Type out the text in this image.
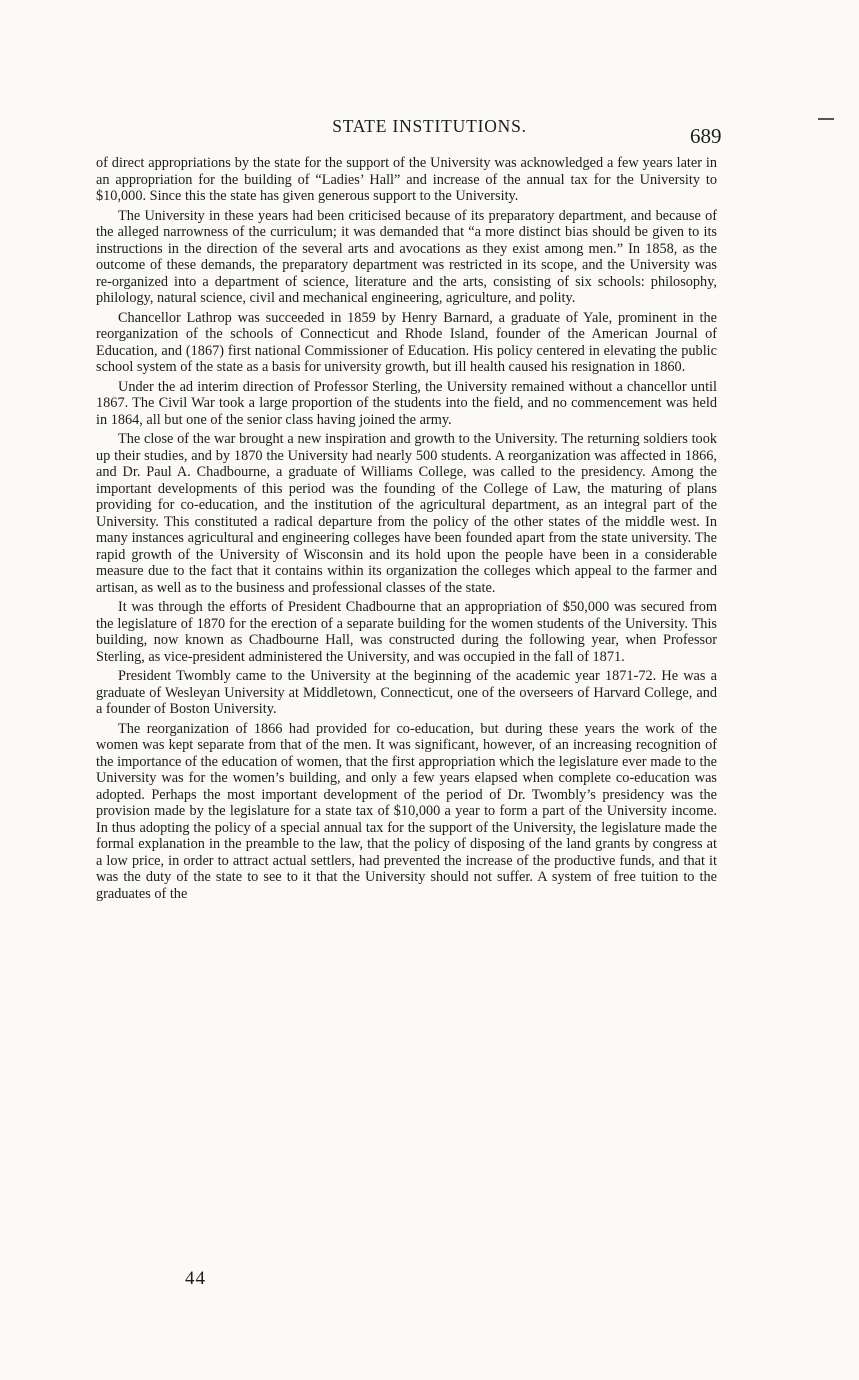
STATE INSTITUTIONS.	689

of direct appropriations by the state for the support of the University was acknowledged a few years later in an appropriation for the building of “Ladies’ Hall” and increase of the annual tax for the University to $10,000. Since this the state has given generous support to the University.

The University in these years had been criticised because of its preparatory department, and because of the alleged narrowness of the curriculum; it was demanded that “a more distinct bias should be given to its instructions in the direction of the several arts and avocations as they exist among men.” In 1858, as the outcome of these demands, the preparatory department was restricted in its scope, and the University was re-organized into a department of science, literature and the arts, consisting of six schools: philosophy, philology, natural science, civil and mechanical engineering, agriculture, and polity.

Chancellor Lathrop was succeeded in 1859 by Henry Barnard, a graduate of Yale, prominent in the reorganization of the schools of Connecticut and Rhode Island, founder of the American Journal of Education, and (1867) first national Commissioner of Education. His policy centered in elevating the public school system of the state as a basis for university growth, but ill health caused his resignation in 1860.

Under the ad interim direction of Professor Sterling, the University remained without a chancellor until 1867. The Civil War took a large proportion of the students into the field, and no commencement was held in 1864, all but one of the senior class having joined the army.

The close of the war brought a new inspiration and growth to the University. The returning soldiers took up their studies, and by 1870 the University had nearly 500 students. A reorganization was affected in 1866, and Dr. Paul A. Chadbourne, a graduate of Williams College, was called to the presidency. Among the important developments of this period was the founding of the College of Law, the maturing of plans providing for co-education, and the institution of the agricultural department, as an integral part of the University. This constituted a radical departure from the policy of the other states of the middle west. In many instances agricultural and engineering colleges have been founded apart from the state university. The rapid growth of the University of Wisconsin and its hold upon the people have been in a considerable measure due to the fact that it contains within its organization the colleges which appeal to the farmer and artisan, as well as to the business and professional classes of the state.

It was through the efforts of President Chadbourne that an appropriation of $50,000 was secured from the legislature of 1870 for the erection of a separate building for the women students of the University. This building, now known as Chadbourne Hall, was constructed during the following year, when Professor Sterling, as vice-president administered the University, and was occupied in the fall of 1871.

President Twombly came to the University at the beginning of the academic year 1871-72. He was a graduate of Wesleyan University at Middletown, Connecticut, one of the overseers of Harvard College, and a founder of Boston University.

The reorganization of 1866 had provided for co-education, but during these years the work of the women was kept separate from that of the men. It was significant, however, of an increasing recognition of the importance of the education of women, that the first appropriation which the legislature ever made to the University was for the women’s building, and only a few years elapsed when complete co-education was adopted. Perhaps the most important development of the period of Dr. Twombly’s presidency was the provision made by the legislature for a state tax of $10,000 a year to form a part of the University income. In thus adopting the policy of a special annual tax for the support of the University, the legislature made the formal explanation in the preamble to the law, that the policy of disposing of the land grants by congress at a low price, in order to attract actual settlers, had prevented the increase of the productive funds, and that it was the duty of the state to see to it that the University should not suffer. A system of free tuition to the graduates of the

44
